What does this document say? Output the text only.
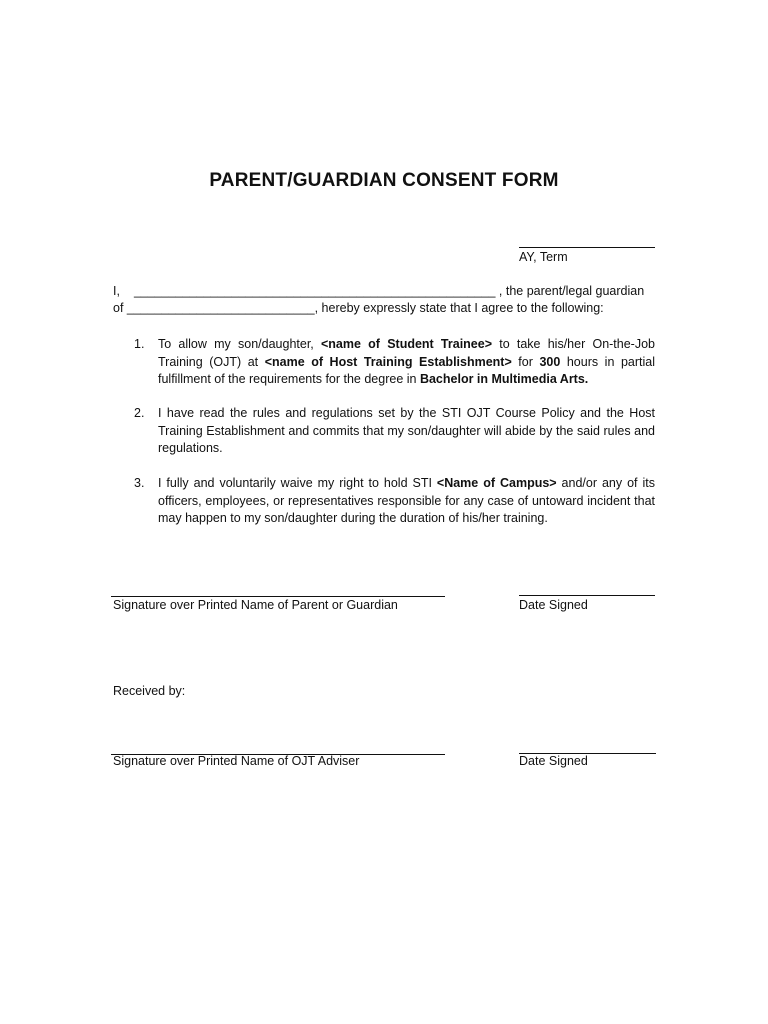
PARENT/GUARDIAN CONSENT FORM
AY, Term
I, ____________________________________________________ , the parent/legal guardian
of ___________________________, hereby expressly state that I agree to the following:
1.	To allow my son/daughter, <name of Student Trainee> to take his/her On-the-Job Training (OJT) at <name of Host Training Establishment> for 300 hours in partial fulfillment of the requirements for the degree in Bachelor in Multimedia Arts.
2.	I have read the rules and regulations set by the STI OJT Course Policy and the Host Training Establishment and commits that my son/daughter will abide by the said rules and regulations.
3.	I fully and voluntarily waive my right to hold STI <Name of Campus> and/or any of its officers, employees, or representatives responsible for any case of untoward incident that may happen to my son/daughter during the duration of his/her training.
Signature over Printed Name of Parent or Guardian	Date Signed
Received by:
Signature over Printed Name of OJT Adviser	Date Signed
